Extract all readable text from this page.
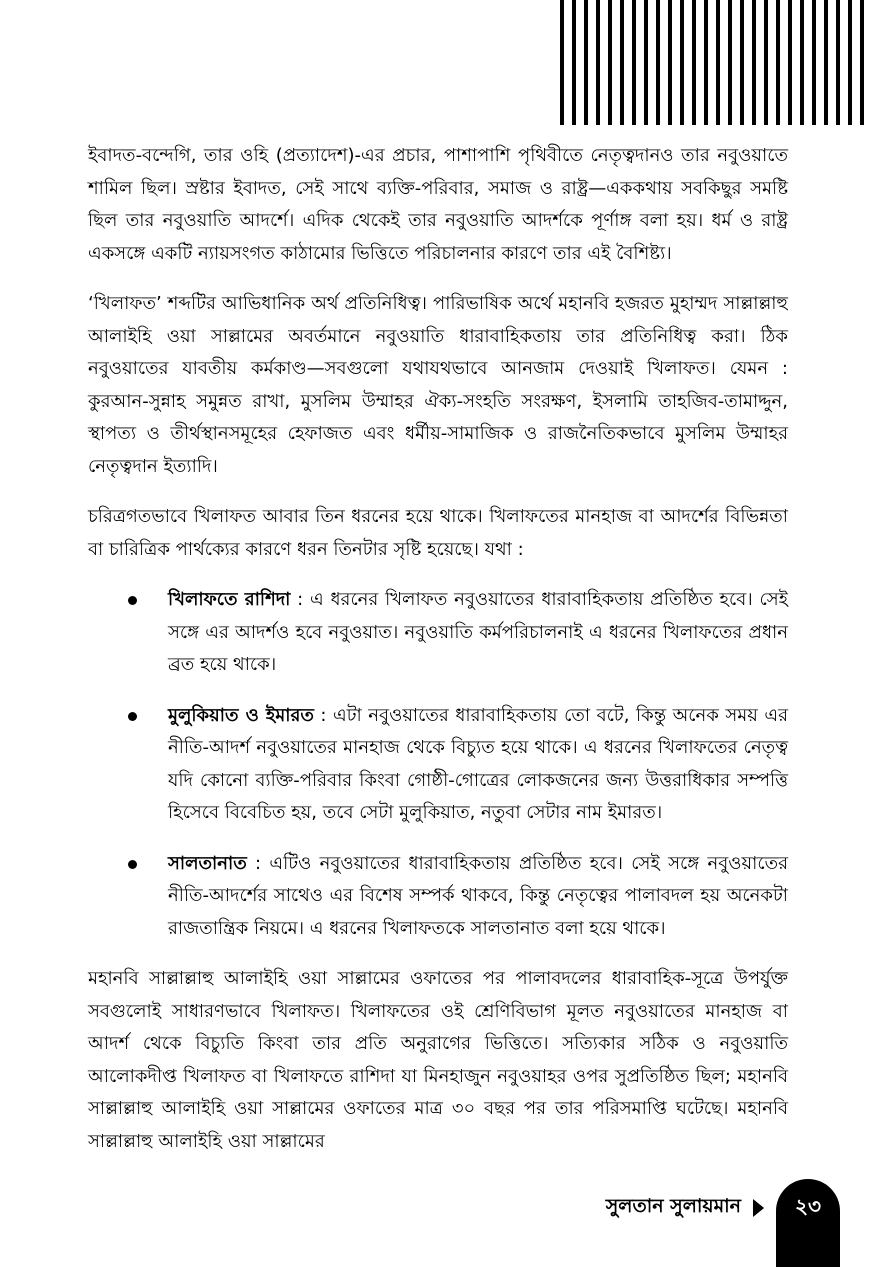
ইবাদত-বন্দেগি, তার ওহি (প্রত্যাদেশ)-এর প্রচার, পাশাপাশি পৃথিবীতে নেতৃত্বদানও তার নবুওয়াতে শামিল ছিল। স্রষ্টার ইবাদত, সেই সাথে ব্যক্তি-পরিবার, সমাজ ও রাষ্ট্র—এককথায় সবকিছুর সমষ্টি ছিল তার নবুওয়াতি আদর্শে। এদিক থেকেই তার নবুওয়াতি আদর্শকে পূর্ণাঙ্গ বলা হয়। ধর্ম ও রাষ্ট্র একসঙ্গে একটি ন্যায়সংগত কাঠামোর ভিত্তিতে পরিচালনার কারণে তার এই বৈশিষ্ট্য।

‘খিলাফত’ শব্দটির আভিধানিক অর্থ প্রতিনিধিত্ব। পারিভাষিক অর্থে মহানবি হজরত মুহাম্মদ সাল্লাল্লাহু আলাইহি ওয়া সাল্লামের অবর্তমানে নবুওয়াতি ধারাবাহিকতায় তার প্রতিনিধিত্ব করা। ঠিক নবুওয়াতের যাবতীয় কর্মকাণ্ড—সবগুলো যথাযথভাবে আনজাম দেওয়াই খিলাফত। যেমন : কুরআন-সুন্নাহ সমুন্নত রাখা, মুসলিম উম্মাহর ঐক্য-সংহতি সংরক্ষণ, ইসলামি তাহজিব-তামাদ্দুন, স্থাপত্য ও তীর্থস্থানসমূহের হেফাজত এবং ধর্মীয়-সামাজিক ও রাজনৈতিকভাবে মুসলিম উম্মাহর নেতৃত্বদান ইত্যাদি।

চরিত্রগতভাবে খিলাফত আবার তিন ধরনের হয়ে থাকে। খিলাফতের মানহাজ বা আদর্শের বিভিন্নতা বা চারিত্রিক পার্থক্যের কারণে ধরন তিনটার সৃষ্টি হয়েছে। যথা :

খিলাফতে রাশিদা : এ ধরনের খিলাফত নবুওয়াতের ধারাবাহিকতায় প্রতিষ্ঠিত হবে। সেই সঙ্গে এর আদর্শও হবে নবুওয়াত। নবুওয়াতি কর্মপরিচালনাই এ ধরনের খিলাফতের প্রধান ব্রত হয়ে থাকে।
মুলুকিয়াত ও ইমারত : এটা নবুওয়াতের ধারাবাহিকতায় তো বটে, কিন্তু অনেক সময় এর নীতি-আদর্শ নবুওয়াতের মানহাজ থেকে বিচ্যুত হয়ে থাকে। এ ধরনের খিলাফতের নেতৃত্ব যদি কোনো ব্যক্তি-পরিবার কিংবা গোষ্ঠী-গোত্রের লোকজনের জন্য উত্তরাধিকার সম্পত্তি হিসেবে বিবেচিত হয়, তবে সেটা মুলুকিয়াত, নতুবা সেটার নাম ইমারত।
সালতানাত : এটিও নবুওয়াতের ধারাবাহিকতায় প্রতিষ্ঠিত হবে। সেই সঙ্গে নবুওয়াতের নীতি-আদর্শের সাথেও এর বিশেষ সম্পর্ক থাকবে, কিন্তু নেতৃত্বের পালাবদল হয় অনেকটা রাজতান্ত্রিক নিয়মে। এ ধরনের খিলাফতকে সালতানাত বলা হয়ে থাকে।

মহানবি সাল্লাল্লাহু আলাইহি ওয়া সাল্লামের ওফাতের পর পালাবদলের ধারাবাহিক-সূত্রে উপর্যুক্ত সবগুলোই সাধারণভাবে খিলাফত। খিলাফতের ওই শ্রেণিবিভাগ মূলত নবুওয়াতের মানহাজ বা আদর্শ থেকে বিচ্যুতি কিংবা তার প্রতি অনুরাগের ভিত্তিতে। সত্যিকার সঠিক ও নবুওয়াতি আলোকদীপ্ত খিলাফত বা খিলাফতে রাশিদা যা মিনহাজুন নবুওয়াহর ওপর সুপ্রতিষ্ঠিত ছিল; মহানবি সাল্লাল্লাহু আলাইহি ওয়া সাল্লামের ওফাতের মাত্র ৩০ বছর পর তার পরিসমাপ্তি ঘটেছে। মহানবি সাল্লাল্লাহু আলাইহি ওয়া সাল্লামের

সুলতান সুলায়মান	২৩
